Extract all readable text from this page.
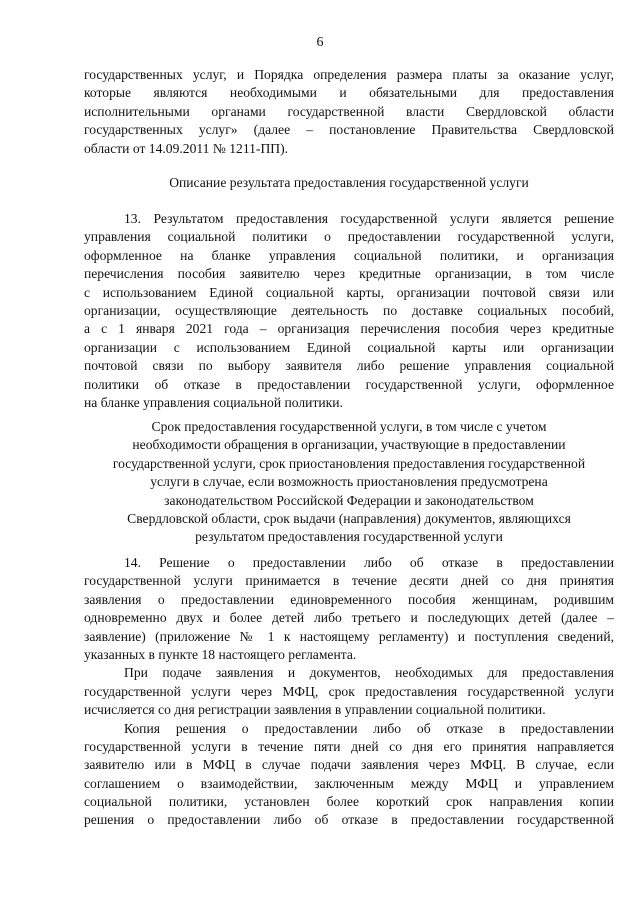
6
государственных услуг, и Порядка определения размера платы за оказание услуг,
которые являются необходимыми и обязательными для предоставления
исполнительными органами государственной власти Свердловской области
государственных услуг» (далее – постановление Правительства Свердловской
области от 14.09.2011 № 1211-ПП).
Описание результата предоставления государственной услуги
13. Результатом предоставления государственной услуги является решение
управления социальной политики о предоставлении государственной услуги,
оформленное на бланке управления социальной политики, и организация
перечисления пособия заявителю через кредитные организации, в том числе
с использованием Единой социальной карты, организации почтовой связи или
организации, осуществляющие деятельность по доставке социальных пособий,
а с 1 января 2021 года – организация перечисления пособия через кредитные
организации с использованием Единой социальной карты или организации
почтовой связи по выбору заявителя либо решение управления социальной
политики об отказе в предоставлении государственной услуги, оформленное
на бланке управления социальной политики.
Срок предоставления государственной услуги, в том числе с учетом
необходимости обращения в организации, участвующие в предоставлении
государственной услуги, срок приостановления предоставления государственной
услуги в случае, если возможность приостановления предусмотрена
законодательством Российской Федерации и законодательством
Свердловской области, срок выдачи (направления) документов, являющихся
результатом предоставления государственной услуги
14. Решение о предоставлении либо об отказе в предоставлении
государственной услуги принимается в течение десяти дней со дня принятия
заявления о предоставлении единовременного пособия женщинам, родившим
одновременно двух и более детей либо третьего и последующих детей (далее –
заявление) (приложение № 1 к настоящему регламенту) и поступления сведений,
указанных в пункте 18 настоящего регламента.
При подаче заявления и документов, необходимых для предоставления
государственной услуги через МФЦ, срок предоставления государственной услуги
исчисляется со дня регистрации заявления в управлении социальной политики.
Копия решения о предоставлении либо об отказе в предоставлении
государственной услуги в течение пяти дней со дня его принятия направляется
заявителю или в МФЦ в случае подачи заявления через МФЦ. В случае, если
соглашением о взаимодействии, заключенным между МФЦ и управлением
социальной политики, установлен более короткий срок направления копии
решения о предоставлении либо об отказе в предоставлении государственной
